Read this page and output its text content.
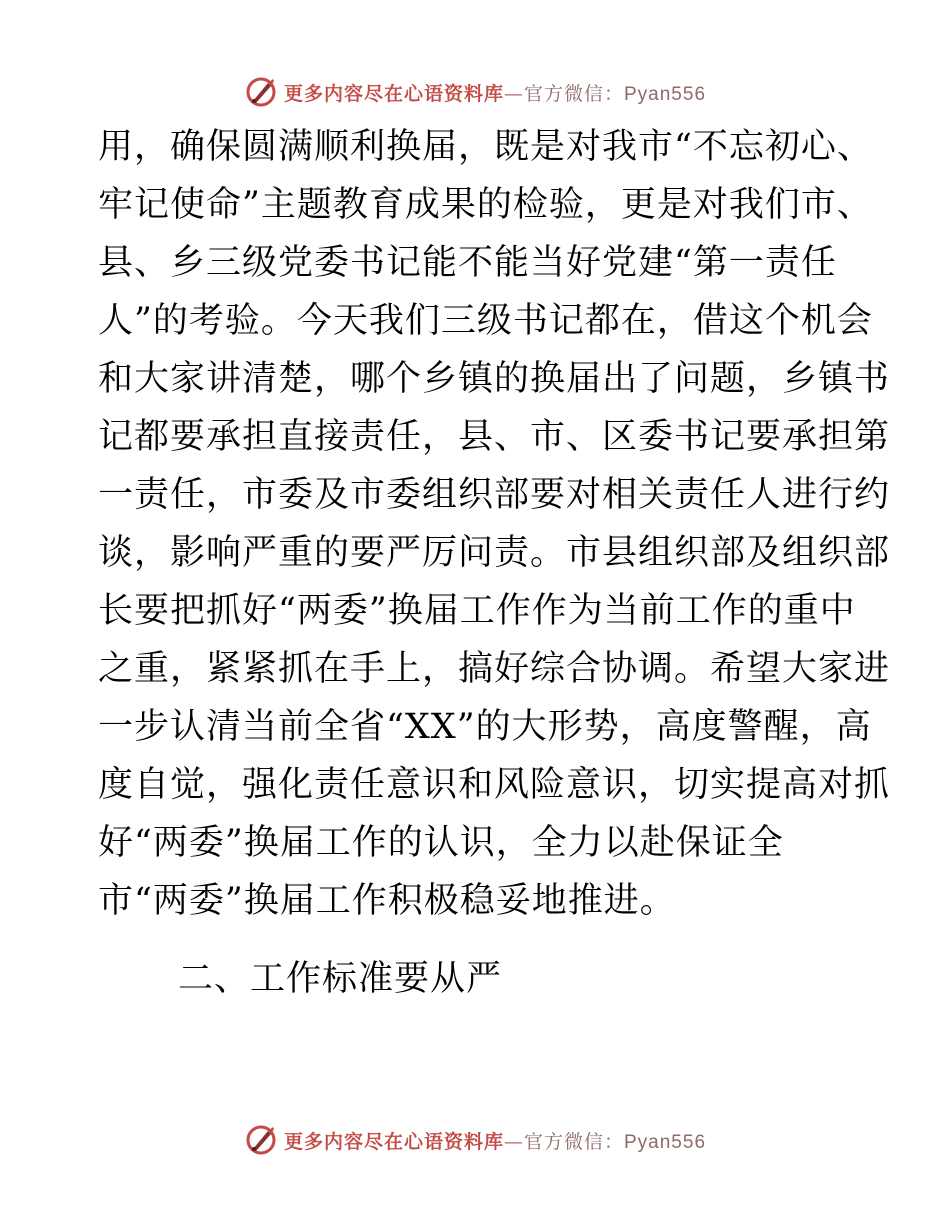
更多内容尽在心语资料库—官方微信：Pyan556
用，确保圆满顺利换届，既是对我市“不忘初心、
牢记使命”主题教育成果的检验，更是对我们市、
县、乡三级党委书记能不能当好党建“第一责任
人”的考验。今天我们三级书记都在，借这个机会
和大家讲清楚，哪个乡镇的换届出了问题，乡镇书
记都要承担直接责任，县、市、区委书记要承担第
一责任，市委及市委组织部要对相关责任人进行约
谈，影响严重的要严厉问责。市县组织部及组织部
长要把抓好“两委”换届工作作为当前工作的重中
之重，紧紧抓在手上，搞好综合协调。希望大家进
一步认清当前全省“XX”的大形势，高度警醒，高
度自觉，强化责任意识和风险意识，切实提高对抓
好“两委”换届工作的认识，全力以赴保证全
市“两委”换届工作积极稳妥地推进。
二、工作标准要从严
更多内容尽在心语资料库—官方微信：Pyan556
